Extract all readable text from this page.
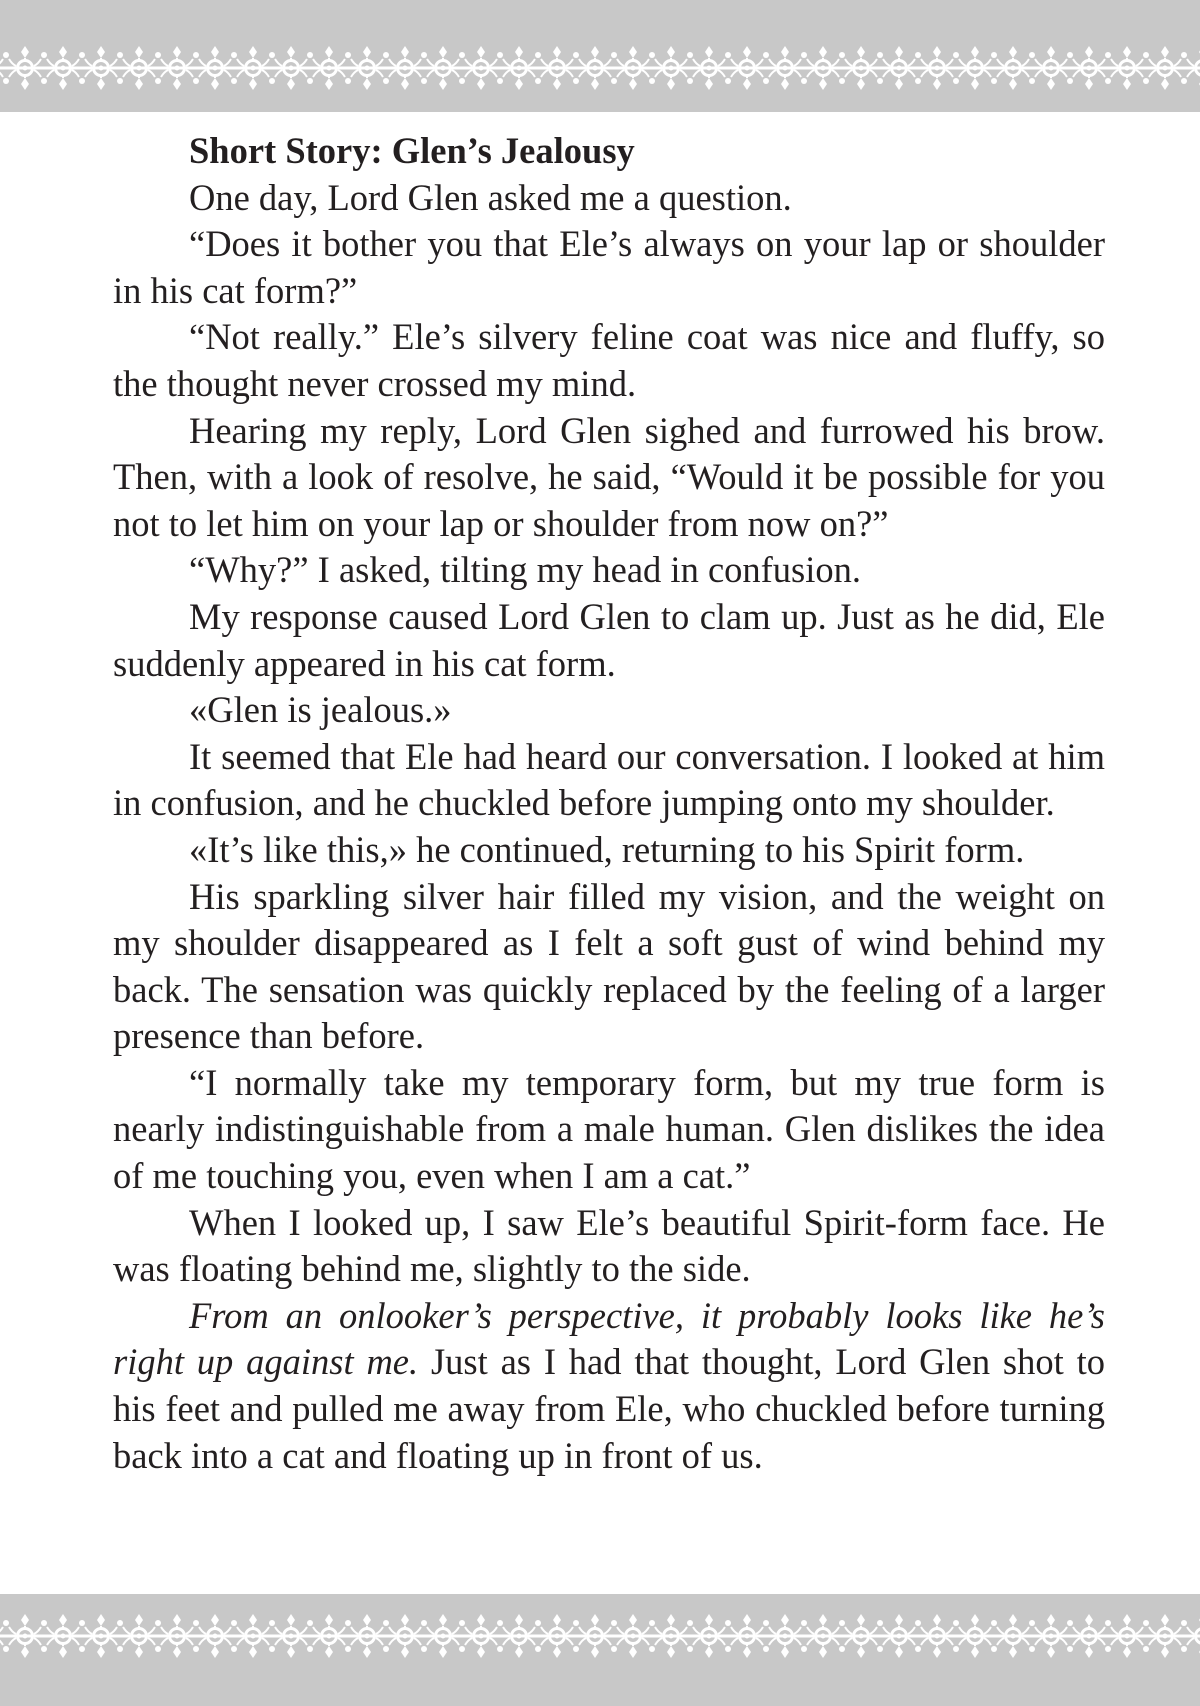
Short Story: Glen’s Jealousy

One day, Lord Glen asked me a question.

“Does it bother you that Ele’s always on your lap or shoulder in his cat form?”

“Not really.” Ele’s silvery feline coat was nice and fluffy, so the thought never crossed my mind.

Hearing my reply, Lord Glen sighed and furrowed his brow. Then, with a look of resolve, he said, “Would it be possible for you not to let him on your lap or shoulder from now on?”

“Why?” I asked, tilting my head in confusion.

My response caused Lord Glen to clam up. Just as he did, Ele suddenly appeared in his cat form.

«Glen is jealous.»

It seemed that Ele had heard our conversation. I looked at him in confusion, and he chuckled before jumping onto my shoulder.

«It’s like this,» he continued, returning to his Spirit form.

His sparkling silver hair filled my vision, and the weight on my shoulder disappeared as I felt a soft gust of wind behind my back. The sensation was quickly replaced by the feeling of a larger presence than before.

“I normally take my temporary form, but my true form is nearly indistinguishable from a male human. Glen dislikes the idea of me touching you, even when I am a cat.”

When I looked up, I saw Ele’s beautiful Spirit-form face. He was floating behind me, slightly to the side.

From an onlooker’s perspective, it probably looks like he’s right up against me. Just as I had that thought, Lord Glen shot to his feet and pulled me away from Ele, who chuckled before turning back into a cat and floating up in front of us.
